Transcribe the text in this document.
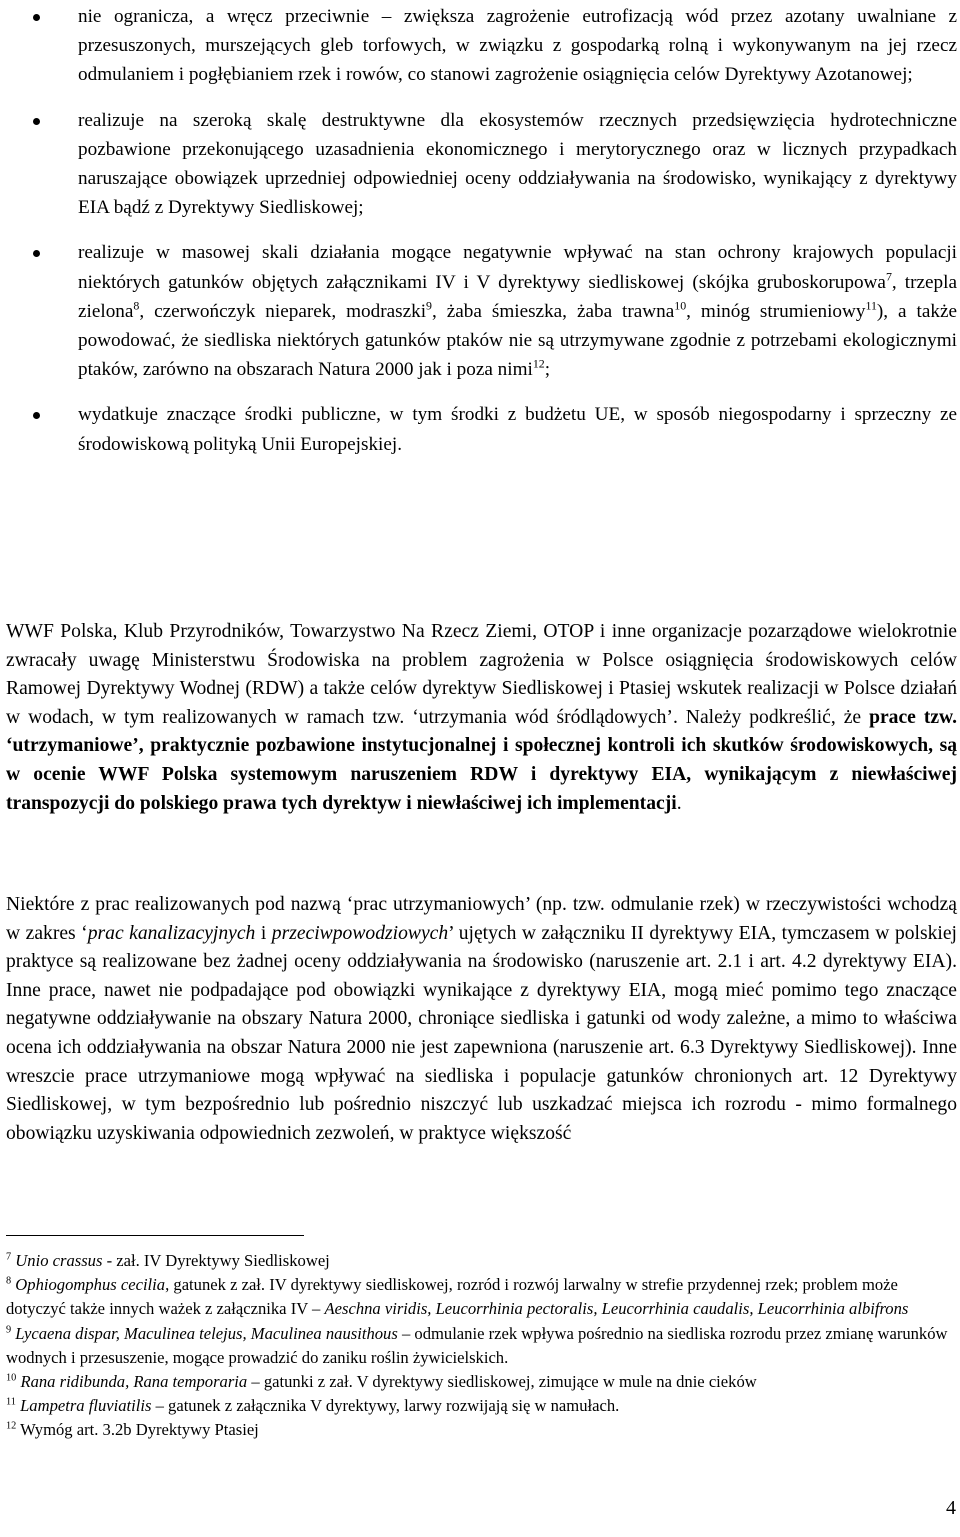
nie ogranicza, a wręcz przeciwnie – zwiększa zagrożenie eutrofizacją wód przez azotany uwalniane z przesuszonych, murszejących gleb torfowych, w związku z gospodarką rolną i wykonywanym na jej rzecz odmulaniem i pogłębianiem rzek i rowów, co stanowi zagrożenie osiągnięcia celów Dyrektywy Azotanowej;
realizuje na szeroką skalę destruktywne dla ekosystemów rzecznych przedsięwzięcia hydrotechniczne pozbawione przekonującego uzasadnienia ekonomicznego i merytorycznego oraz w licznych przypadkach naruszające obowiązek uprzedniej odpowiedniej oceny oddziaływania na środowisko, wynikający z dyrektywy EIA bądź z Dyrektywy Siedliskowej;
realizuje w masowej skali działania mogące negatywnie wpływać na stan ochrony krajowych populacji niektórych gatunków objętych załącznikami IV i V dyrektywy siedliskowej (skójka gruboskorupowa$^7$, trzepla zielona$^8$, czerwończyk nieparek, modraszki$^9$, żaba śmieszka, żaba trawna$^{10}$, minóg strumieniowy$^{11}$), a także powodować, że siedliska niektórych gatunków ptaków nie są utrzymywane zgodnie z potrzebami ekologicznymi ptaków, zarówno na obszarach Natura 2000 jak i poza nimi$^{12}$;
wydatkuje znaczące środki publiczne, w tym środki z budżetu UE, w sposób niegospodarny i sprzeczny ze środowiskową polityką Unii Europejskiej.

WWF Polska, Klub Przyrodników, Towarzystwo Na Rzecz Ziemi, OTOP i inne organizacje pozarządowe wielokrotnie zwracały uwagę Ministerstwu Środowiska na problem zagrożenia w Polsce osiągnięcia środowiskowych celów Ramowej Dyrektywy Wodnej (RDW) a także celów dyrektyw Siedliskowej i Ptasiej wskutek realizacji w Polsce działań w wodach, w tym realizowanych w ramach tzw. ‘utrzymania wód śródlądowych’. Należy podkreślić, że prace tzw. ‘utrzymaniowe’, praktycznie pozbawione instytucjonalnej i społecznej kontroli ich skutków środowiskowych, są w ocenie WWF Polska systemowym naruszeniem RDW i dyrektywy EIA, wynikającym z niewłaściwej transpozycji do polskiego prawa tych dyrektyw i niewłaściwej ich implementacji.

Niektóre z prac realizowanych pod nazwą ‘prac utrzymaniowych’ (np. tzw. odmulanie rzek) w rzeczywistości wchodzą w zakres ‘prac kanalizacyjnych i przeciwpowodziowych’ ujętych w załączniku II dyrektywy EIA, tymczasem w polskiej praktyce są realizowane bez żadnej oceny oddziaływania na środowisko (naruszenie art. 2.1 i art. 4.2 dyrektywy EIA). Inne prace, nawet nie podpadające pod obowiązki wynikające z dyrektywy EIA, mogą mieć pomimo tego znaczące negatywne oddziaływanie na obszary Natura 2000, chroniące siedliska i gatunki od wody zależne, a mimo to właściwa ocena ich oddziaływania na obszar Natura 2000 nie jest zapewniona (naruszenie art. 6.3 Dyrektywy Siedliskowej). Inne wreszcie prace utrzymaniowe mogą wpływać na siedliska i populacje gatunków chronionych art. 12 Dyrektywy Siedliskowej, w tym bezpośrednio lub pośrednio niszczyć lub uszkadzać miejsca ich rozrodu - mimo formalnego obowiązku uzyskiwania odpowiednich zezwoleń, w praktyce większość

$^7$ Unio crassus - zał. IV Dyrektywy Siedliskowej

$^8$ Ophiogomphus cecilia, gatunek z zał. IV dyrektywy siedliskowej, rozród i rozwój larwalny w strefie przydennej rzek; problem może dotyczyć także innych ważek z załącznika IV – Aeschna viridis, Leucorrhinia pectoralis, Leucorrhinia caudalis, Leucorrhinia albifrons

$^9$ Lycaena dispar, Maculinea telejus, Maculinea nausithous – odmulanie rzek wpływa pośrednio na siedliska rozrodu przez zmianę warunków wodnych i przesuszenie, mogące prowadzić do zaniku roślin żywicielskich.

$^{10}$ Rana ridibunda, Rana temporaria – gatunki z zał. V dyrektywy siedliskowej, zimujące w mule na dnie cieków

$^{11}$ Lampetra fluviatilis – gatunek z załącznika V dyrektywy, larwy rozwijają się w namułach.

$^{12}$ Wymóg art. 3.2b Dyrektywy Ptasiej

4
